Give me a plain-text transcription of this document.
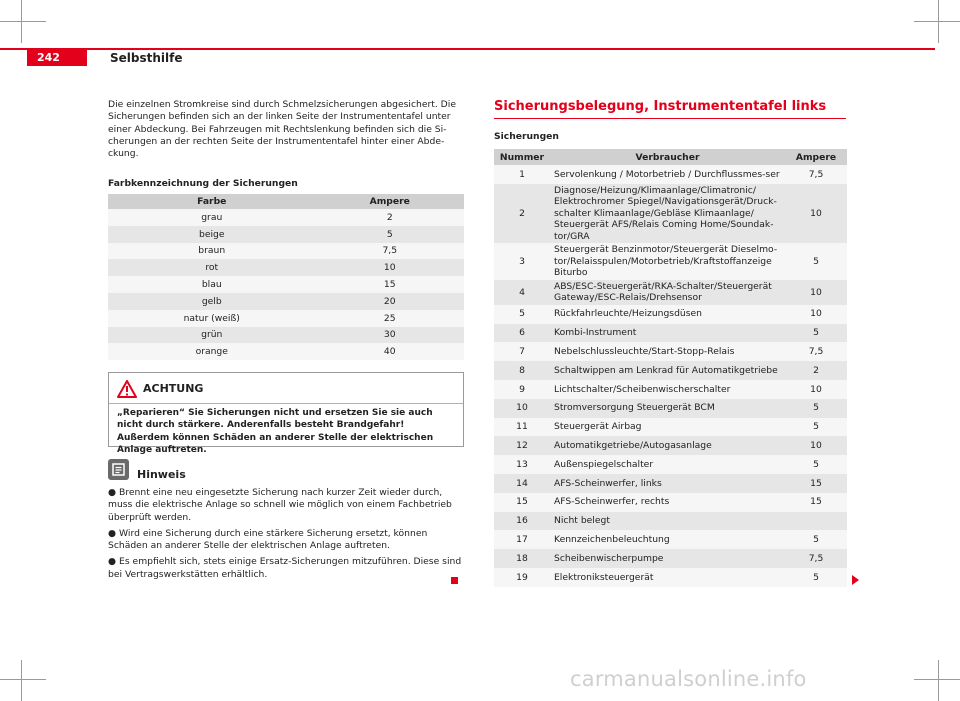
242	Selbsthilfe

Die einzelnen Stromkreise sind durch Schmelzsicherungen abgesichert. Die Sicherungen befinden sich an der linken Seite der Instrumententafel unter einer Abdeckung. Bei Fahrzeugen mit Rechtslenkung befinden sich die Si-cherungen an der rechten Seite der Instrumententafel hinter einer Abde-ckung.

Farbkennzeichnung der Sicherungen

Farbe	Ampere
grau	2
beige	5
braun	7,5
rot	10
blau	15
gelb	20
natur (weiß)	25
grün	30
orange	40
ACHTUNG

„Reparieren“ Sie Sicherungen nicht und ersetzen Sie sie auch nicht durch stärkere. Anderenfalls besteht Brandgefahr! Außerdem können Schäden an anderer Stelle der elektrischen Anlage auftreten.

Hinweis
● Brennt eine neu eingesetzte Sicherung nach kurzer Zeit wieder durch, muss die elektrische Anlage so schnell wie möglich von einem Fachbetrieb überprüft werden.
● Wird eine Sicherung durch eine stärkere Sicherung ersetzt, können Schäden an anderer Stelle der elektrischen Anlage auftreten.
● Es empfiehlt sich, stets einige Ersatz-Sicherungen mitzuführen. Diese sind bei Vertragswerkstätten erhältlich.
Sicherungsbelegung, Instrumententafel links

Sicherungen

Nummer	Verbraucher	Ampere
1	Servolenkung / Motorbetrieb / Durchflussmes-ser	7,5
2	Diagnose/Heizung/Klimaanlage/Climatronic/ Elektrochromer Spiegel/Navigationsgerät/Druck-schalter Klimaanlage/Gebläse Klimaanlage/ Steuergerät AFS/Relais Coming Home/Soundak-tor/GRA	10
3	Steuergerät Benzinmotor/Steuergerät Dieselmo-tor/Relaisspulen/Motorbetrieb/Kraftstoffanzeige Biturbo	5
4	ABS/ESC-Steuergerät/RKA-Schalter/Steuergerät Gateway/ESC-Relais/Drehsensor	10
5	Rückfahrleuchte/Heizungsdüsen	10
6	Kombi-Instrument	5
7	Nebelschlussleuchte/Start-Stopp-Relais	7,5
8	Schaltwippen am Lenkrad für Automatikgetriebe	2
9	Lichtschalter/Scheibenwischerschalter	10
10	Stromversorgung Steuergerät BCM	5
11	Steuergerät Airbag	5
12	Automatikgetriebe/Autogasanlage	10
13	Außenspiegelschalter	5
14	AFS-Scheinwerfer, links	15
15	AFS-Scheinwerfer, rechts	15
16	Nicht belegt	
17	Kennzeichenbeleuchtung	5
18	Scheibenwischerpumpe	7,5
19	Elektroniksteuergerät	5
carmanualsonline.info
